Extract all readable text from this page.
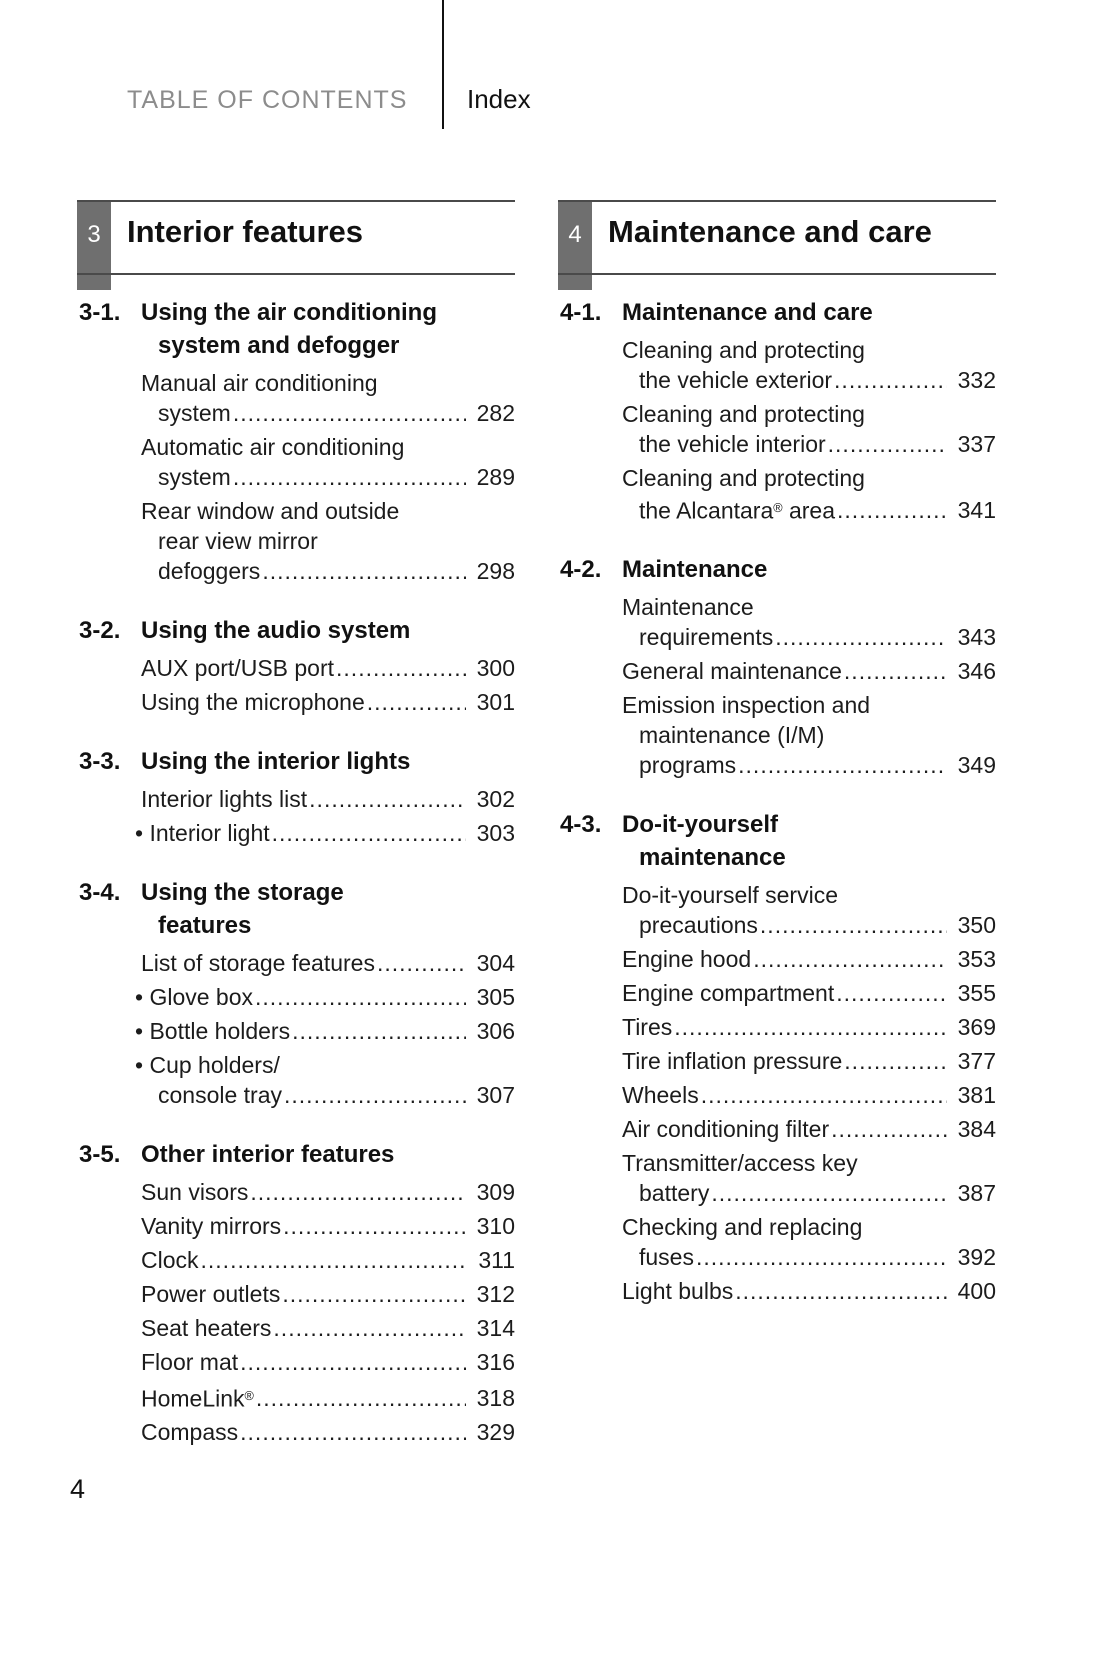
TABLE OF CONTENTS Index
3 Interior features
3-1. Using the air conditioning
system and defogger
Manual air conditioning
system .....	282
Automatic air conditioning
system .....	289
Rear window and outside
rear view mirror
defoggers .....	298
3-2. Using the audio system
AUX port/USB port .....	300
Using the microphone .....	301
3-3. Using the interior lights
Interior lights list .....	302
• Interior light .....	303
3-4. Using the storage
features
List of storage features .....	304
• Glove box .....	305
• Bottle holders .....	306
• Cup holders/
console tray .....	307
3-5. Other interior features
Sun visors .....	309
Vanity mirrors .....	310
Clock .....	311
Power outlets .....	312
Seat heaters .....	314
Floor mat .....	316
HomeLink® .....	318
Compass .....	329
4 Maintenance and care
4-1. Maintenance and care
Cleaning and protecting
the vehicle exterior .....	332
Cleaning and protecting
the vehicle interior .....	337
Cleaning and protecting
the Alcantara® area .....	341
4-2. Maintenance
Maintenance
requirements .....	343
General maintenance .....	346
Emission inspection and
maintenance (I/M)
programs .....	349
4-3. Do-it-yourself
maintenance
Do-it-yourself service
precautions .....	350
Engine hood .....	353
Engine compartment .....	355
Tires .....	369
Tire inflation pressure .....	377
Wheels .....	381
Air conditioning filter .....	384
Transmitter/access key
battery .....	387
Checking and replacing
fuses .....	392
Light bulbs .....	400
4
